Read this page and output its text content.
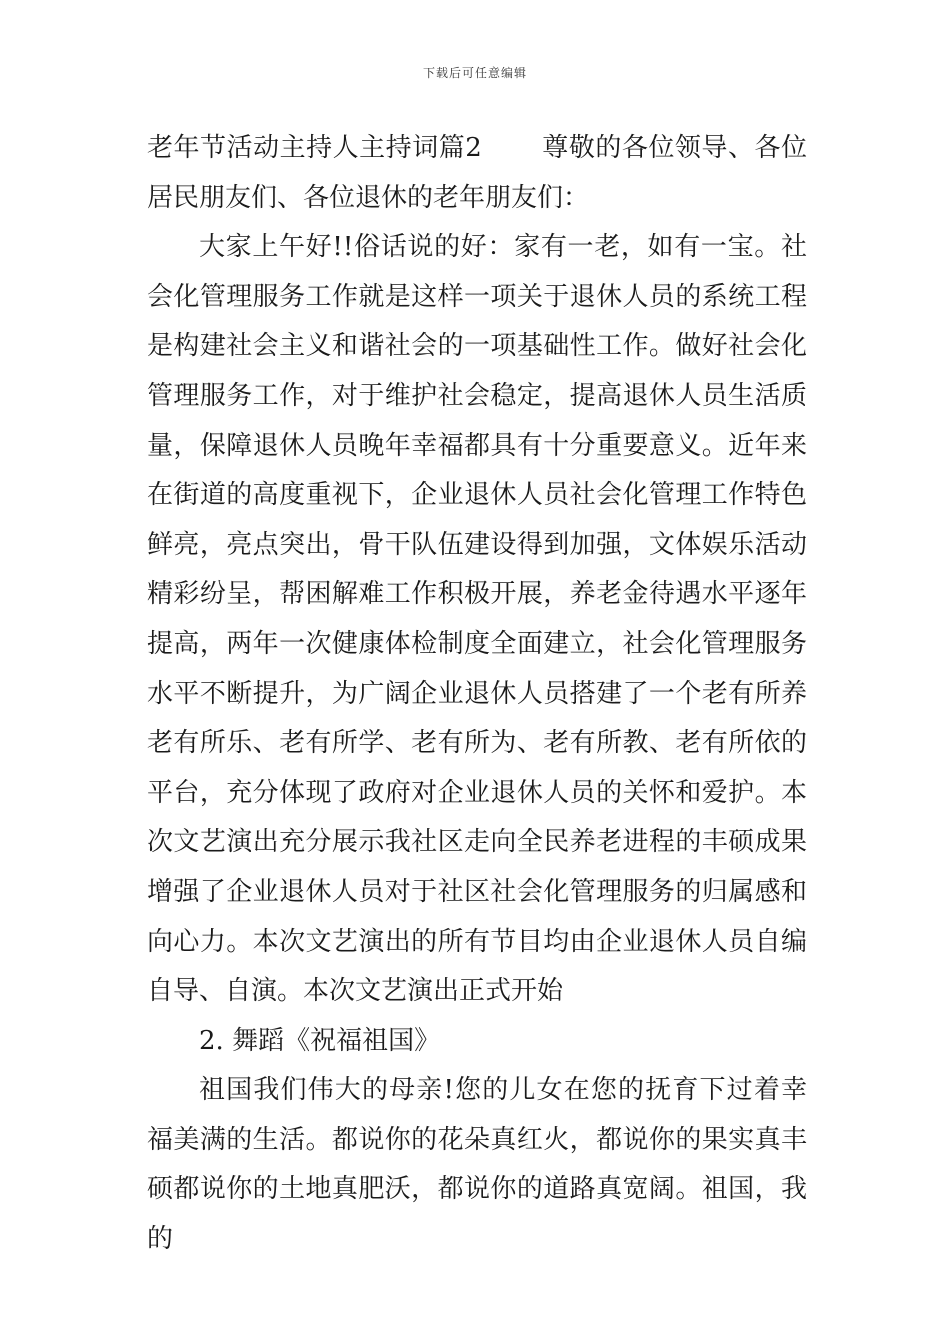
下载后可任意编辑

老年节活动主持人主持词篇2 尊敬的各位领导、各位居民朋友们、各位退休的老年朋友们：

大家上午好!!俗话说的好：家有一老，如有一宝。社会化管理服务工作就是这样一项关于退休人员的系统工程是构建社会主义和谐社会的一项基础性工作。做好社会化管理服务工作，对于维护社会稳定，提高退休人员生活质量，保障退休人员晚年幸福都具有十分重要意义。近年来在街道的高度重视下，企业退休人员社会化管理工作特色鲜亮，亮点突出，骨干队伍建设得到加强，文体娱乐活动精彩纷呈，帮困解难工作积极开展，养老金待遇水平逐年提高，两年一次健康体检制度全面建立，社会化管理服务水平不断提升，为广阔企业退休人员搭建了一个老有所养老有所乐、老有所学、老有所为、老有所教、老有所依的平台，充分体现了政府对企业退休人员的关怀和爱护。本次文艺演出充分展示我社区走向全民养老进程的丰硕成果增强了企业退休人员对于社区社会化管理服务的归属感和向心力。本次文艺演出的所有节目均由企业退休人员自编自导、自演。本次文艺演出正式开始

2. 舞蹈《祝福祖国》

祖国我们伟大的母亲!您的儿女在您的抚育下过着幸福美满的生活。都说你的花朵真红火，都说你的果实真丰硕都说你的土地真肥沃，都说你的道路真宽阔。祖国，我的
